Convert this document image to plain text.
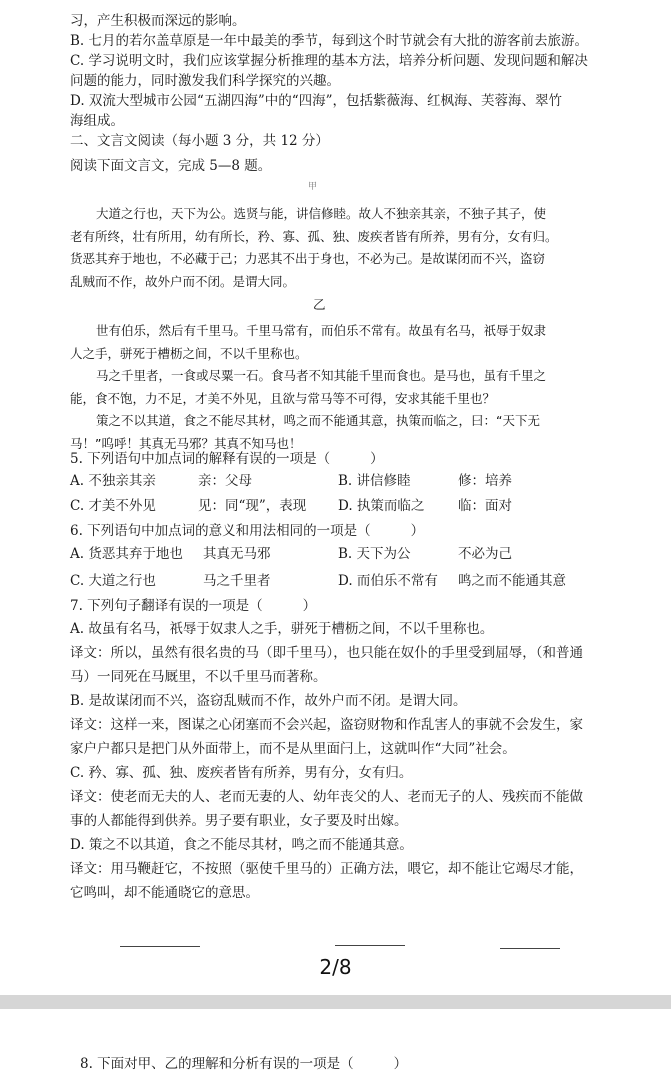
习，产生积极而深远的影响。
B. 七月的若尔盖草原是一年中最美的季节，每到这个时节就会有大批的游客前去旅游。
C. 学习说明文时，我们应该掌握分析推理的基本方法，培养分析问题、发现问题和解决
问题的能力，同时激发我们科学探究的兴趣。
D. 双流大型城市公园“五湖四海”中的“四海”，包括紫薇海、红枫海、芙蓉海、翠竹
海组成。
二、文言文阅读（每小题 3 分，共 12 分）
阅读下面文言文，完成 5—8 题。
甲
大道之行也，天下为公。选贤与能，讲信修睦。故人不独亲其亲，不独子其子，使
老有所终，壮有所用，幼有所长，矜、寡、孤、独、废疾者皆有所养，男有分，女有归。
货恶其弃于地也，不必藏于己；力恶其不出于身也，不必为己。是故谋闭而不兴，盗窃
乱贼而不作，故外户而不闭。是谓大同。
乙
世有伯乐，然后有千里马。千里马常有，而伯乐不常有。故虽有名马，祇辱于奴隶
人之手，骈死于槽枥之间，不以千里称也。
马之千里者，一食或尽粟一石。食马者不知其能千里而食也。是马也，虽有千里之
能，食不饱，力不足，才美不外见，且欲与常马等不可得，安求其能千里也？
策之不以其道，食之不能尽其材，鸣之而不能通其意，执策而临之，曰：“天下无
马！”呜呼！其真无马邪？其真不知马也！
5. 下列语句中加点词的解释有误的一项是（	）
A. 不独亲其亲	亲：父母	B. 讲信修睦	修：培养
C. 才美不外见	见：同“现”，表现 D. 执策而临之 临：面对
6. 下列语句中加点词的意义和用法相同的一项是（	）
A. 货恶其弃于地也 其真无马邪	B. 天下为公	不必为己
C. 大道之行也	马之千里者	D. 而伯乐不常有 鸣之而不能通其意
7. 下列句子翻译有误的一项是（	）
A. 故虽有名马，祇辱于奴隶人之手，骈死于槽枥之间，不以千里称也。
译文：所以，虽然有很名贵的马（即千里马），也只能在奴仆的手里受到屈辱，（和普通
马）一同死在马厩里，不以千里马而著称。
B. 是故谋闭而不兴，盗窃乱贼而不作，故外户而不闭。是谓大同。
译文：这样一来，图谋之心闭塞而不会兴起，盗窃财物和作乱害人的事就不会发生，家
家户户都只是把门从外面带上，而不是从里面闩上，这就叫作“大同”社会。
C. 矜、寡、孤、独、废疾者皆有所养，男有分，女有归。
译文：使老而无夫的人、老而无妻的人、幼年丧父的人、老而无子的人、残疾而不能做
事的人都能得到供养。男子要有职业，女子要及时出嫁。
D. 策之不以其道，食之不能尽其材，鸣之而不能通其意。
译文：用马鞭赶它，不按照（驱使千里马的）正确方法，喂它，却不能让它竭尽才能，
它鸣叫，却不能通晓它的意思。
2/8
8. 下面对甲、乙的理解和分析有误的一项是（	）
